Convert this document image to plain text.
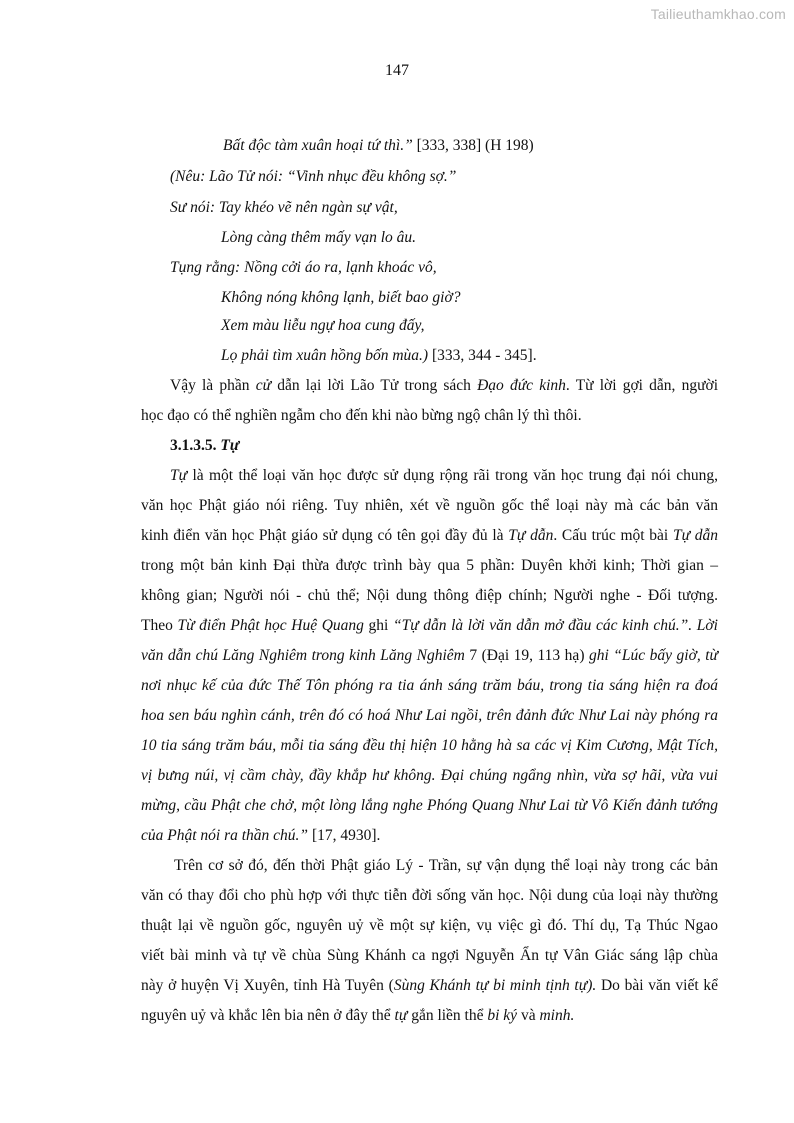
Tailieuthamkhao.com
147
Bất độc tàm xuân hoại tứ thì.” [333, 338] (H 198)
(Nêu: Lão Tử nói: “Vinh nhục đều không sợ.”
Sư nói: Tay khéo vẽ nên ngàn sự vật,
Lòng càng thêm mấy vạn lo âu.
Tụng rằng: Nồng cởi áo ra, lạnh khoác vô,
Không nóng không lạnh, biết bao giờ?
Xem màu liễu ngự hoa cung đấy,
Lọ phải tìm xuân hồng bốn mùa.) [333, 344 - 345].
Vậy là phần cử dẫn lại lời Lão Tử trong sách Đạo đức kinh. Từ lời gợi dẫn, người
học đạo có thể nghiền ngẫm cho đến khi nào bừng ngộ chân lý thì thôi.
3.1.3.5. Tự
Tự là một thể loại văn học được sử dụng rộng rãi trong văn học trung đại nói chung,
văn học Phật giáo nói riêng. Tuy nhiên, xét về nguồn gốc thể loại này mà các bản văn
kinh điển văn học Phật giáo sử dụng có tên gọi đầy đủ là Tự dẫn. Cấu trúc một bài Tự dẫn
trong một bản kinh Đại thừa được trình bày qua 5 phần: Duyên khởi kinh; Thời gian –
không gian; Người nói - chủ thể; Nội dung thông điệp chính; Người nghe - Đối tượng.
Theo Từ điển Phật học Huệ Quang ghi “Tự dẫn là lời văn dẫn mở đầu các kinh chú.”. Lời
văn dẫn chú Lăng Nghiêm trong kinh Lăng Nghiêm 7 (Đại 19, 113 hạ) ghi “Lúc bấy giờ, từ
nơi nhục kế của đức Thế Tôn phóng ra tia ánh sáng trăm báu, trong tia sáng hiện ra đoá
hoa sen báu nghìn cánh, trên đó có hoá Như Lai ngồi, trên đảnh đức Như Lai này phóng ra
10 tia sáng trăm báu, mỗi tia sáng đều thị hiện 10 hằng hà sa các vị Kim Cương, Mật Tích,
vị bưng núi, vị cầm chày, đầy khắp hư không. Đại chúng ngẩng nhìn, vừa sợ hãi, vừa vui
mừng, cầu Phật che chở, một lòng lắng nghe Phóng Quang Như Lai từ Vô Kiến đảnh tướng
của Phật nói ra thần chú.” [17, 4930].
Trên cơ sở đó, đến thời Phật giáo Lý - Trần, sự vận dụng thể loại này trong các bản
văn có thay đổi cho phù hợp với thực tiễn đời sống văn học. Nội dung của loại này thường
thuật lại về nguồn gốc, nguyên uỷ về một sự kiện, vụ việc gì đó. Thí dụ, Tạ Thúc Ngao
viết bài minh và tự về chùa Sùng Khánh ca ngợi Nguyễn Ẩn tự Vân Giác sáng lập chùa
này ở huyện Vị Xuyên, tỉnh Hà Tuyên (Sùng Khánh tự bi minh tịnh tự). Do bài văn viết kể
nguyên uỷ và khắc lên bia nên ở đây thể tự gắn liền thể bi ký và minh.
